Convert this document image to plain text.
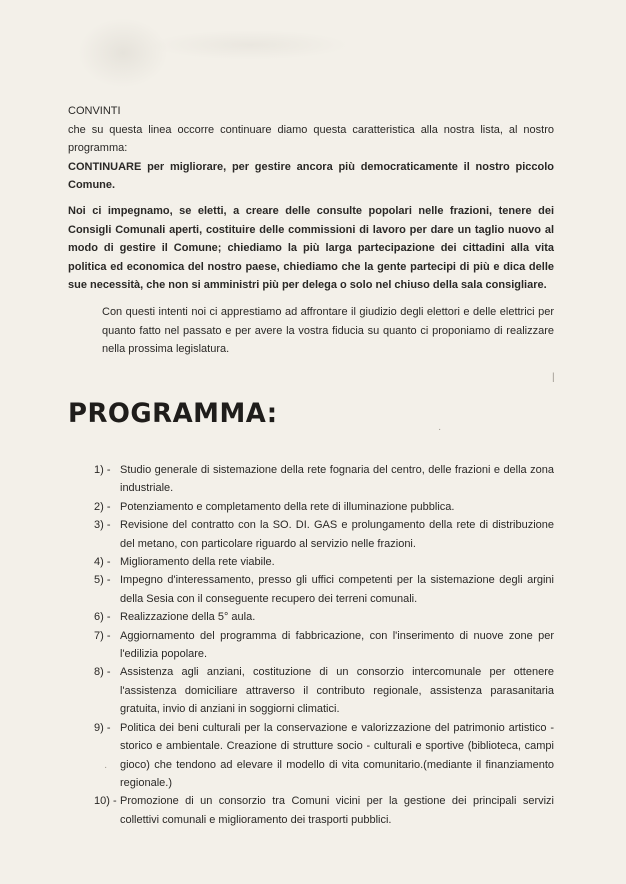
CONVINTI

che su questa linea occorre continuare diamo questa caratteristica alla nostra lista, al nostro programma:

CONTINUARE per migliorare, per gestire ancora più democraticamente il nostro piccolo Comune.

Noi ci impegnamo, se eletti, a creare delle consulte popolari nelle frazioni, tenere dei Consigli Comunali aperti, costituire delle commissioni di lavoro per dare un taglio nuovo al modo di gestire il Comune; chiediamo la più larga partecipazione dei cittadini alla vita politica ed economica del nostro paese, chiediamo che la gente partecipi di più e dica delle sue necessità, che non si amministri più per delega o solo nel chiuso della sala consigliare.

Con questi intenti noi ci apprestiamo ad affrontare il giudizio degli elettori e delle elettrici per quanto fatto nel passato e per avere la vostra fiducia su quanto ci proponiamo di realizzare nella prossima legislatura.

PROGRAMMA:
1) - Studio generale di sistemazione della rete fognaria del centro, delle frazioni e della zona industriale.
2) - Potenziamento e completamento della rete di illuminazione pubblica.
3) - Revisione del contratto con la SO. DI. GAS e prolungamento della rete di distribuzione del metano, con particolare riguardo al servizio nelle frazioni.
4) - Miglioramento della rete viabile.
5) - Impegno d'interessamento, presso gli uffici competenti per la sistemazione degli argini della Sesia con il conseguente recupero dei terreni comunali.
6) - Realizzazione della 5° aula.
7) - Aggiornamento del programma di fabbricazione, con l'inserimento di nuove zone per l'edilizia popolare.
8) - Assistenza agli anziani, costituzione di un consorzio intercomunale per ottenere l'assistenza domiciliare attraverso il contributo regionale, assistenza parasanitaria gratuita, invio di anziani in soggiorni climatici.
9) - Politica dei beni culturali per la conservazione e valorizzazione del patrimonio artistico - storico e ambientale. Creazione di strutture socio - culturali e sportive (biblioteca, campi gioco) che tendono ad elevare il modello di vita comunitario.(mediante il finanziamento regionale.)
10) - Promozione di un consorzio tra Comuni vicini per la gestione dei principali servizi collettivi comunali e miglioramento dei trasporti pubblici.
|
·
·
